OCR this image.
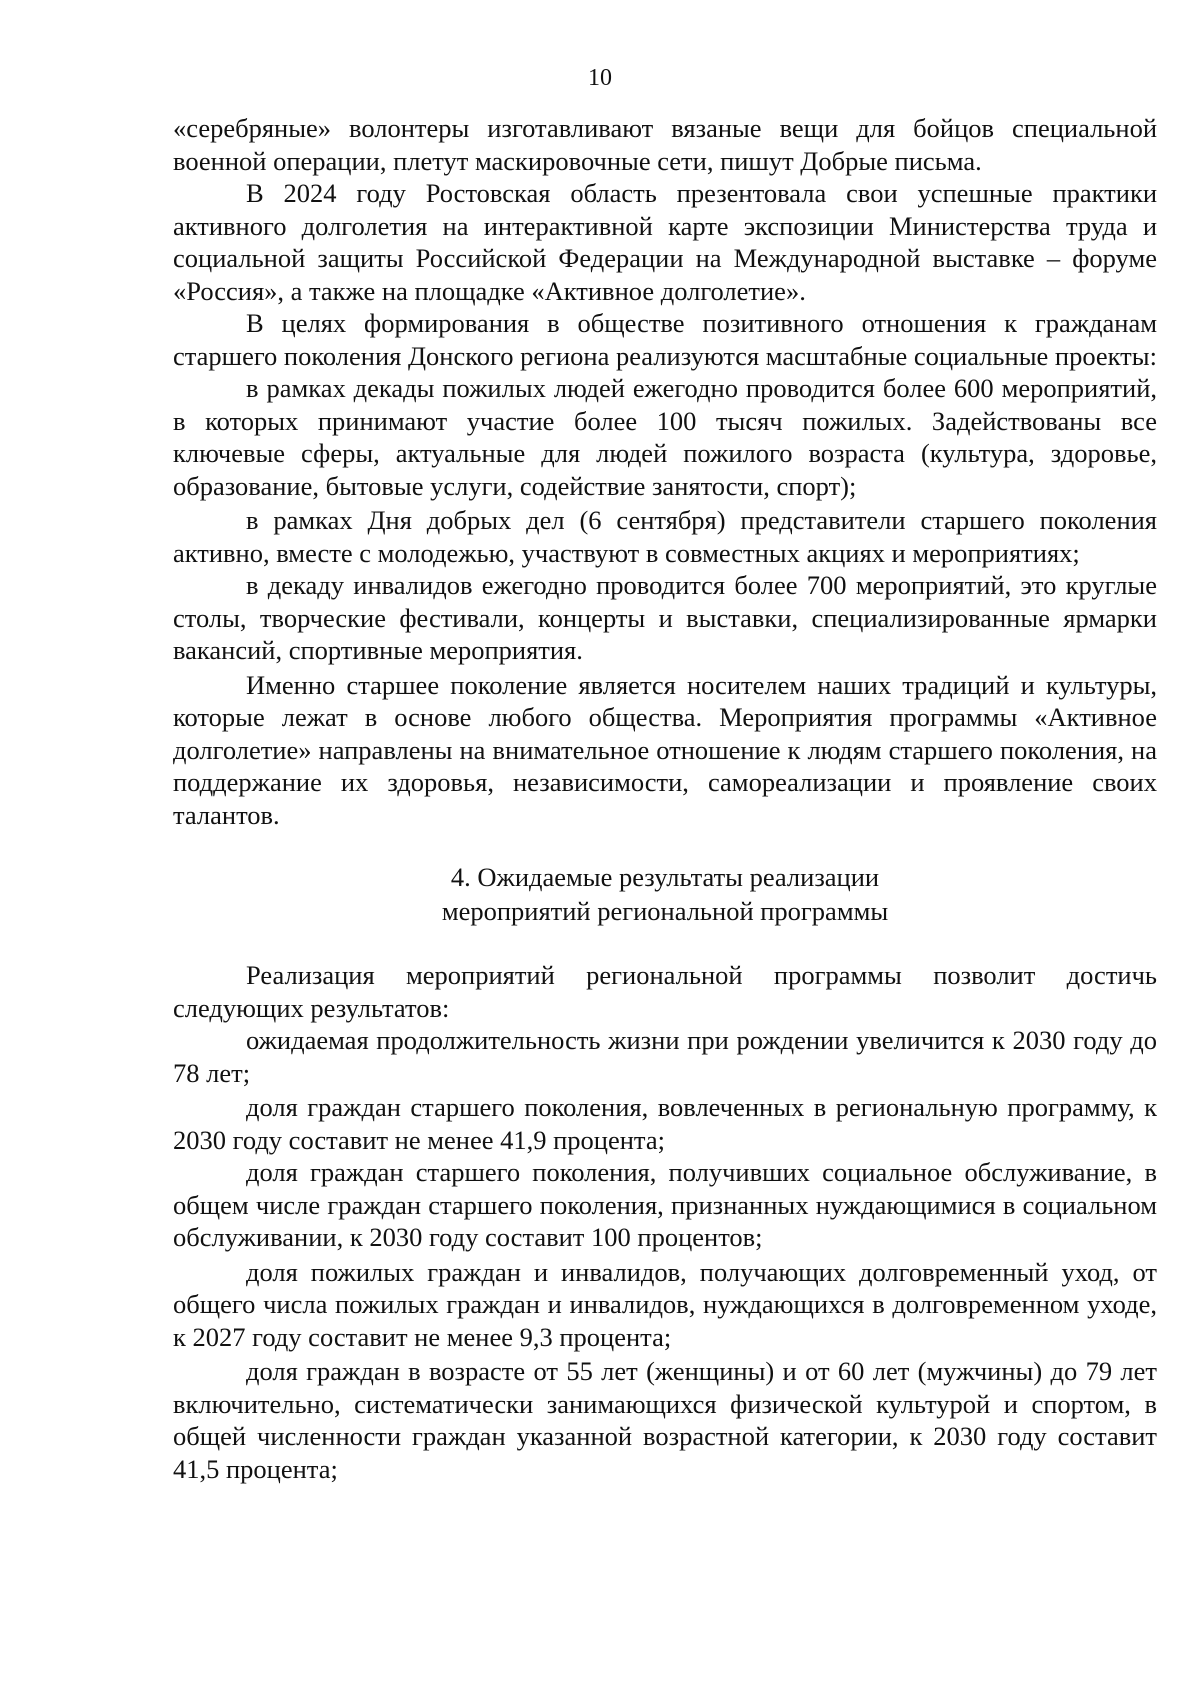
10

«серебряные» волонтеры изготавливают вязаные вещи для бойцов специальной военной операции, плетут маскировочные сети, пишут Добрые письма.

В 2024 году Ростовская область презентовала свои успешные практики активного долголетия на интерактивной карте экспозиции Министерства труда и социальной защиты Российской Федерации на Международной выставке – форуме «Россия», а также на площадке «Активное долголетие».

В целях формирования в обществе позитивного отношения к гражданам старшего поколения Донского региона реализуются масштабные социальные проекты:

в рамках декады пожилых людей ежегодно проводится более 600 мероприятий, в которых принимают участие более 100 тысяч пожилых. Задействованы все ключевые сферы, актуальные для людей пожилого возраста (культура, здоровье, образование, бытовые услуги, содействие занятости, спорт);

в рамках Дня добрых дел (6 сентября) представители старшего поколения активно, вместе с молодежью, участвуют в совместных акциях и мероприятиях;

в декаду инвалидов ежегодно проводится более 700 мероприятий, это круглые столы, творческие фестивали, концерты и выставки, специализированные ярмарки вакансий, спортивные мероприятия.

Именно старшее поколение является носителем наших традиций и культуры, которые лежат в основе любого общества. Мероприятия программы «Активное долголетие» направлены на внимательное отношение к людям старшего поколения, на поддержание их здоровья, независимости, самореализации и проявление своих талантов.

4. Ожидаемые результаты реализации
мероприятий региональной программы

Реализация мероприятий региональной программы позволит достичь следующих результатов:

ожидаемая продолжительность жизни при рождении увеличится к 2030 году до 78 лет;

доля граждан старшего поколения, вовлеченных в региональную программу, к 2030 году составит не менее 41,9 процента;

доля граждан старшего поколения, получивших социальное обслуживание, в общем числе граждан старшего поколения, признанных нуждающимися в социальном обслуживании, к 2030 году составит 100 процентов;

доля пожилых граждан и инвалидов, получающих долговременный уход, от общего числа пожилых граждан и инвалидов, нуждающихся в долговременном уходе, к 2027 году составит не менее 9,3 процента;

доля граждан в возрасте от 55 лет (женщины) и от 60 лет (мужчины) до 79 лет включительно, систематически занимающихся физической культурой и спортом, в общей численности граждан указанной возрастной категории, к 2030 году составит 41,5 процента;
